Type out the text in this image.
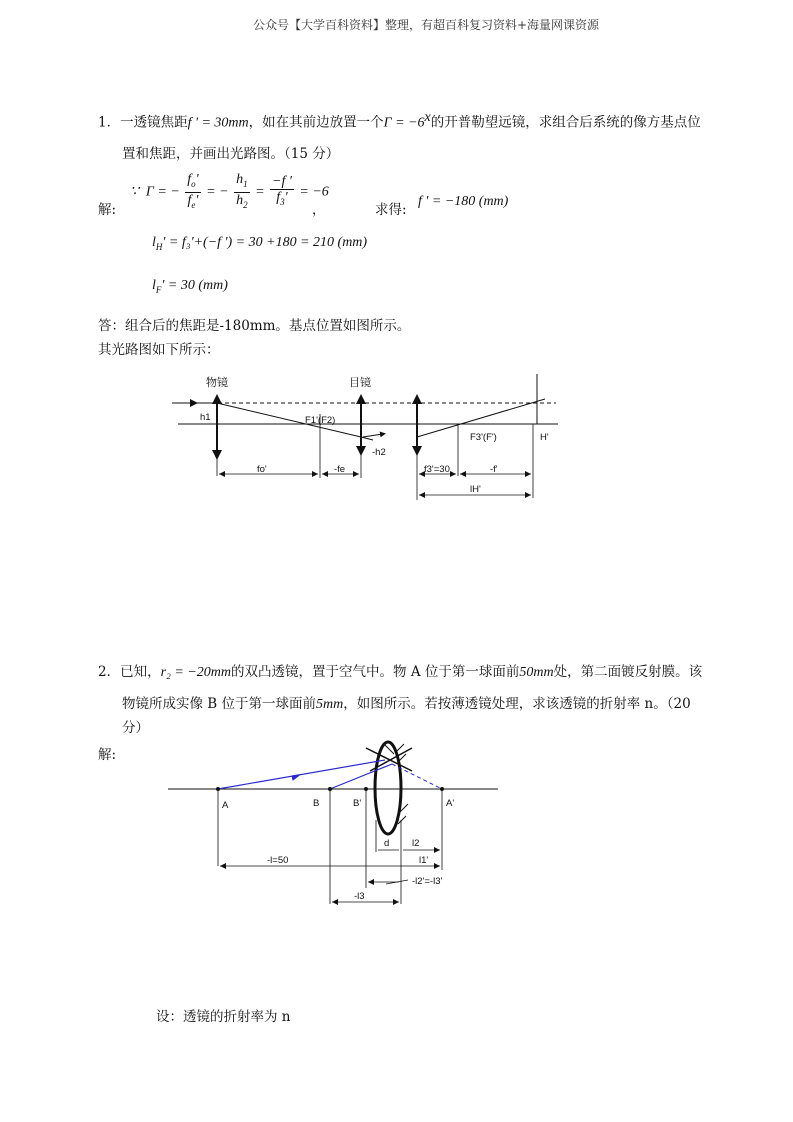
公众号【大学百科资料】整理，有超百科复习资料+海量网课资源
1．一透镜焦距f ' = 30mm，如在其前边放置一个$\Gamma = -6^x$的开普勒望远镜，求组合后系统的像方基点位
置和焦距，并画出光路图。（15 分）
解:
∵ Γ = − $\frac{f_o'}{f_e'}$ = − $\frac{h_1}{h_2} = \frac{-f '}{f_3'} = -6$
，	求得:
f ' = −180 (mm)
$l_H' = f_3'+(-f$ ') = 30 +180 = 210 (mm)
$l_F' = 30$ (mm)
答：组合后的焦距是-180mm。基点位置如图所示。
其光路图如下所示：
物镜	目镜
h1	F1'(F2)
-h2
F3'(F')	H'
fo'	-fe	f3'=30	-f'
lH'
2．已知，r₂ = −20mm的双凸透镜，置于空气中。物 A 位于第一球面前50mm处，第二面镀反射膜。该
物镜所成实像 B 位于第一球面前5mm，如图所示。若按薄透镜处理，求该透镜的折射率 n。（20
分）
解:
A	B	B'	A'
d l2
l1'
-l=50
-l2'=-l3'
-l3
设：透镜的折射率为 n
